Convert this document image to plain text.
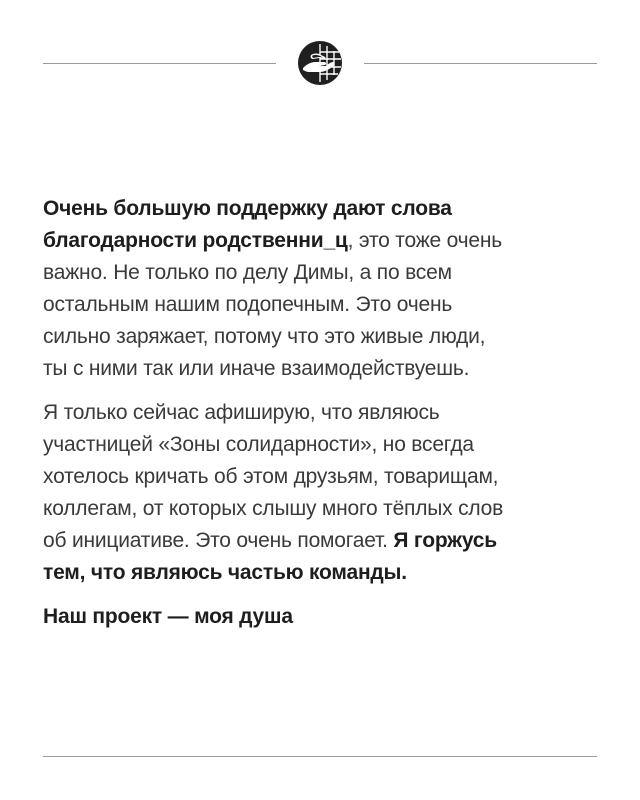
Очень большую поддержку дают слова
благодарности родственни_ц, это тоже очень
важно. Не только по делу Димы, а по всем
остальным нашим подопечным. Это очень
сильно заряжает, потому что это живые люди,
ты с ними так или иначе взаимодействуешь.

Я только сейчас афиширую, что являюсь
участницей «Зоны солидарности», но всегда
хотелось кричать об этом друзьям, товарищам,
коллегам, от которых слышу много тёплых слов
об инициативе. Это очень помогает. Я горжусь
тем, что являюсь частью команды.

Наш проект — моя душа
